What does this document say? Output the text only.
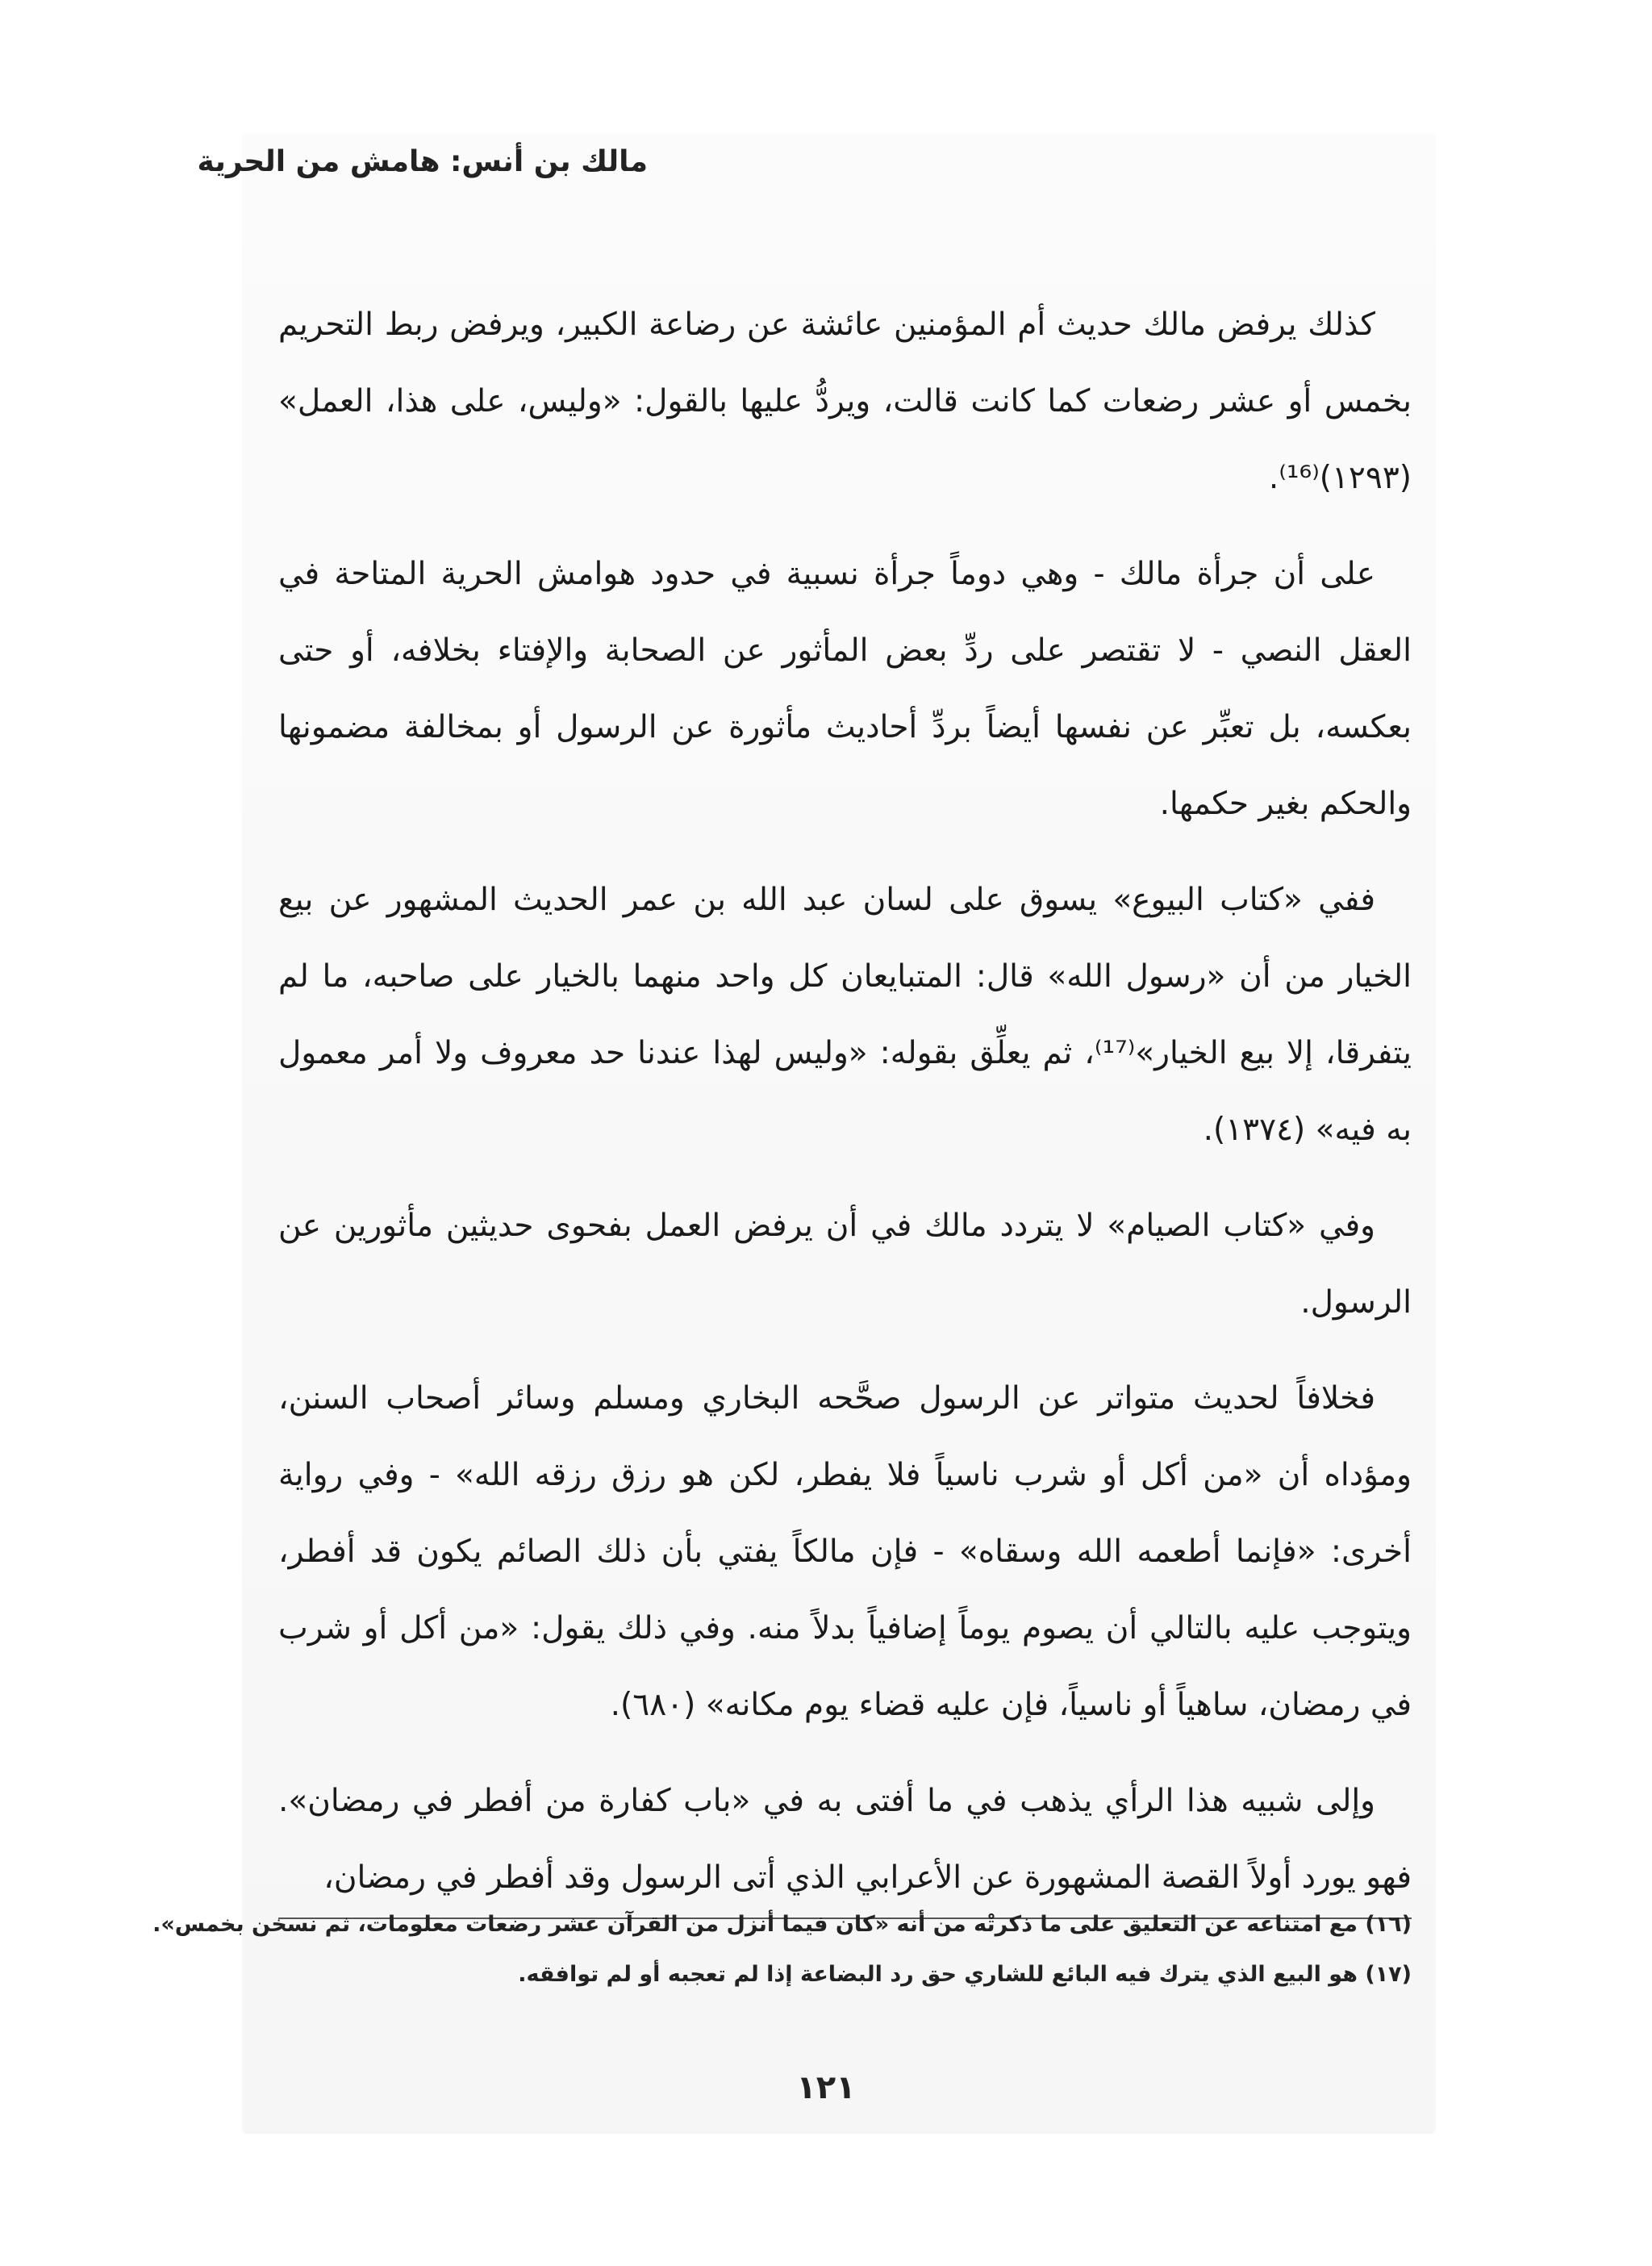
مالك بن أنس: هامش من الحرية

كذلك يرفض مالك حديث أم المؤمنين عائشة عن رضاعة الكبير، ويرفض ربط التحريم بخمس أو عشر رضعات كما كانت قالت، ويردُّ عليها بالقول: «وليس، على هذا، العمل» (١٢٩٣)⁽¹⁶⁾.

على أن جرأة مالك - وهي دوماً جرأة نسبية في حدود هوامش الحرية المتاحة في العقل النصي - لا تقتصر على ردِّ بعض المأثور عن الصحابة والإفتاء بخلافه، أو حتى بعكسه، بل تعبِّر عن نفسها أيضاً بردِّ أحاديث مأثورة عن الرسول أو بمخالفة مضمونها والحكم بغير حكمها.

ففي «كتاب البيوع» يسوق على لسان عبد الله بن عمر الحديث المشهور عن بيع الخيار من أن «رسول الله» قال: المتبايعان كل واحد منهما بالخيار على صاحبه، ما لم يتفرقا، إلا بيع الخيار»⁽¹⁷⁾، ثم يعلِّق بقوله: «وليس لهذا عندنا حد معروف ولا أمر معمول به فيه» (١٣٧٤).

وفي «كتاب الصيام» لا يتردد مالك في أن يرفض العمل بفحوى حديثين مأثورين عن الرسول.

فخلافاً لحديث متواتر عن الرسول صحَّحه البخاري ومسلم وسائر أصحاب السنن، ومؤداه أن «من أكل أو شرب ناسياً فلا يفطر، لكن هو رزق رزقه الله» - وفي رواية أخرى: «فإنما أطعمه الله وسقاه» - فإن مالكاً يفتي بأن ذلك الصائم يكون قد أفطر، ويتوجب عليه بالتالي أن يصوم يوماً إضافياً بدلاً منه. وفي ذلك يقول: «من أكل أو شرب في رمضان، ساهياً أو ناسياً، فإن عليه قضاء يوم مكانه» (٦٨٠).

وإلى شبيه هذا الرأي يذهب في ما أفتى به في «باب كفارة من أفطر في رمضان». فهو يورد أولاً القصة المشهورة عن الأعرابي الذي أتى الرسول وقد أفطر في رمضان،

(١٦) مع امتناعه عن التعليق على ما ذكرتْه من أنه «كان فيما أنزل من القرآن عشر رضعات معلومات، ثم نسخن بخمس».

(١٧) هو البيع الذي يترك فيه البائع للشاري حق رد البضاعة إذا لم تعجبه أو لم توافقه.

١٢١
